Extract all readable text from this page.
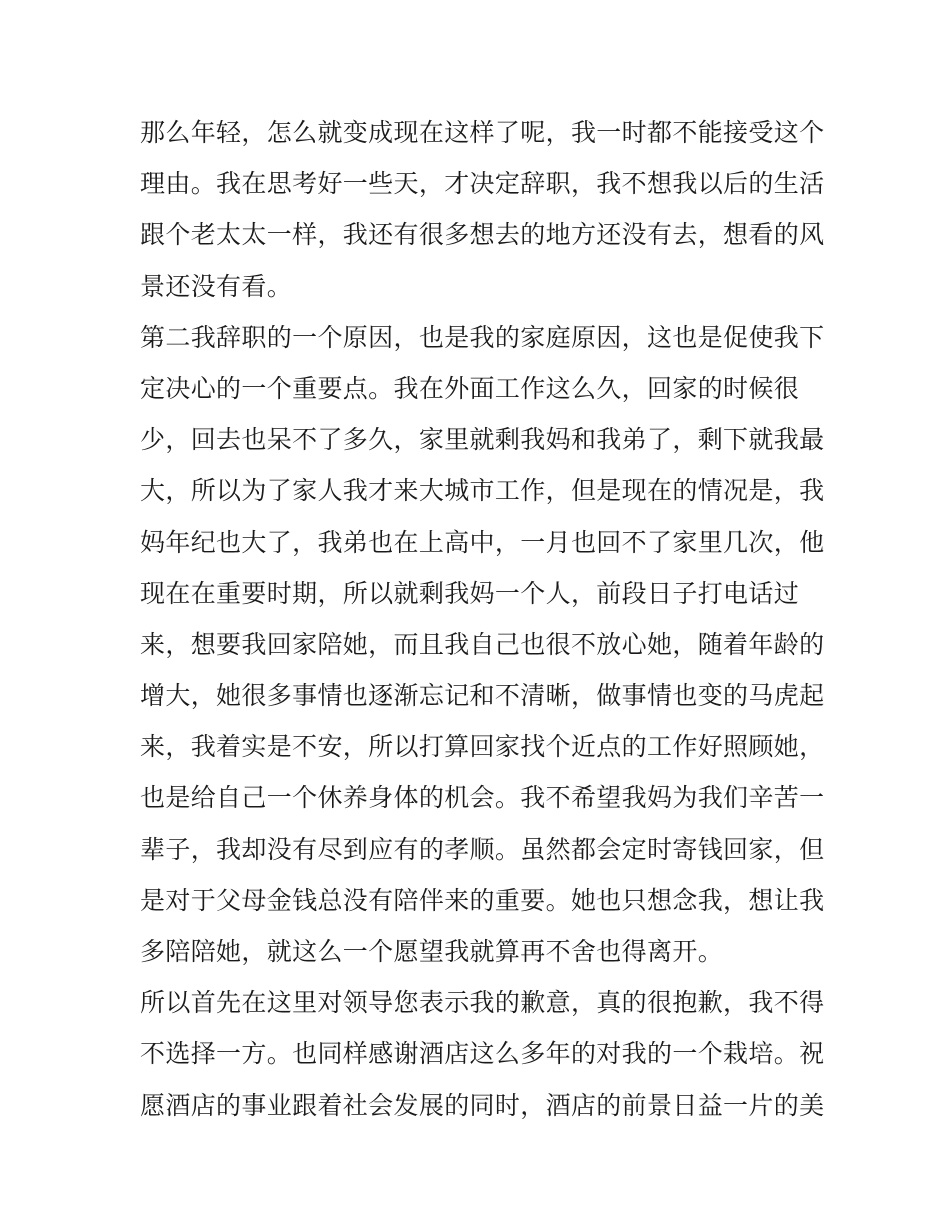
那么年轻，怎么就变成现在这样了呢，我一时都不能接受这个
理由。我在思考好一些天，才决定辞职，我不想我以后的生活
跟个老太太一样，我还有很多想去的地方还没有去，想看的风
景还没有看。
第二我辞职的一个原因，也是我的家庭原因，这也是促使我下
定决心的一个重要点。我在外面工作这么久，回家的时候很
少，回去也呆不了多久，家里就剩我妈和我弟了，剩下就我最
大，所以为了家人我才来大城市工作，但是现在的情况是，我
妈年纪也大了，我弟也在上高中，一月也回不了家里几次，他
现在在重要时期，所以就剩我妈一个人，前段日子打电话过
来，想要我回家陪她，而且我自己也很不放心她，随着年龄的
增大，她很多事情也逐渐忘记和不清晰，做事情也变的马虎起
来，我着实是不安，所以打算回家找个近点的工作好照顾她，
也是给自己一个休养身体的机会。我不希望我妈为我们辛苦一
辈子，我却没有尽到应有的孝顺。虽然都会定时寄钱回家，但
是对于父母金钱总没有陪伴来的重要。她也只想念我，想让我
多陪陪她，就这么一个愿望我就算再不舍也得离开。
所以首先在这里对领导您表示我的歉意，真的很抱歉，我不得
不选择一方。也同样感谢酒店这么多年的对我的一个栽培。祝
愿酒店的事业跟着社会发展的同时，酒店的前景日益一片的美
